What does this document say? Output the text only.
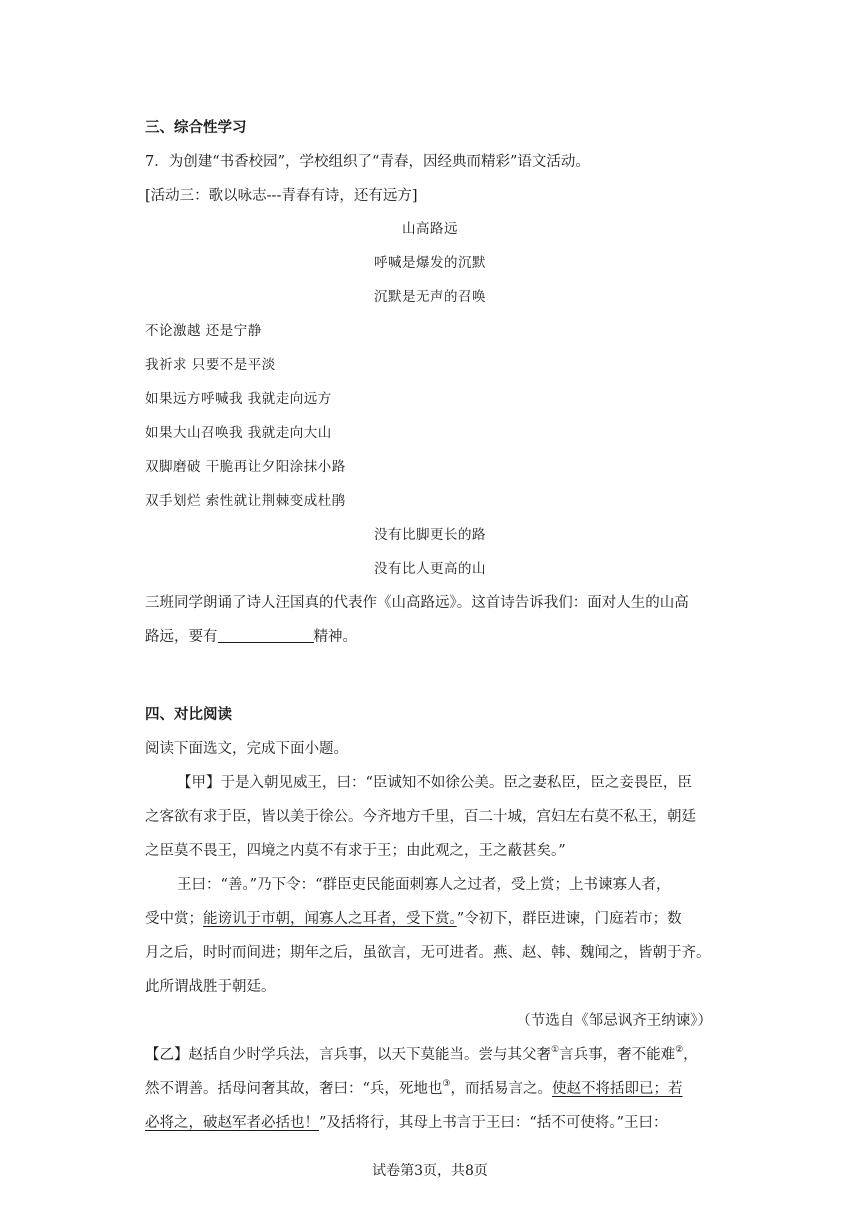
三、综合性学习
7．为创建“书香校园”，学校组织了“青春，因经典而精彩”语文活动。
[活动三：歌以咏志---青春有诗，还有远方]
山高路远
呼喊是爆发的沉默
沉默是无声的召唤
不论激越 还是宁静
我祈求 只要不是平淡
如果远方呼喊我 我就走向远方
如果大山召唤我 我就走向大山
双脚磨破 干脆再让夕阳涂抹小路
双手划烂 索性就让荆棘变成杜鹃
没有比脚更长的路
没有比人更高的山
三班同学朗诵了诗人汪国真的代表作《山高路远》。这首诗告诉我们：面对人生的山高
路远，要有	精神。
四、对比阅读
阅读下面选文，完成下面小题。
【甲】于是入朝见威王，曰：“臣诚知不如徐公美。臣之妻私臣，臣之妾畏臣，臣
之客欲有求于臣，皆以美于徐公。今齐地方千里，百二十城，宫妇左右莫不私王，朝廷
之臣莫不畏王，四境之内莫不有求于王；由此观之，王之蔽甚矣。”
王曰：“善。”乃下令：“群臣吏民能面刺寡人之过者，受上赏；上书谏寡人者，
受中赏；能谤讥于市朝，闻寡人之耳者，受下赏。”令初下，群臣进谏，门庭若市；数
月之后，时时而间进；期年之后，虽欲言，无可进者。燕、赵、韩、魏闻之，皆朝于齐。
此所谓战胜于朝廷。
（节选自《邹忌讽齐王纳谏》）
【乙】赵括自少时学兵法，言兵事，以天下莫能当。尝与其父奢①言兵事，奢不能难②，
然不谓善。括母问奢其故，奢曰：“兵，死地也③，而括易言之。使赵不将括即已；若
必将之，破赵军者必括也！”及括将行，其母上书言于王曰：“括不可使将。”王曰：
试卷第3页，共8页
